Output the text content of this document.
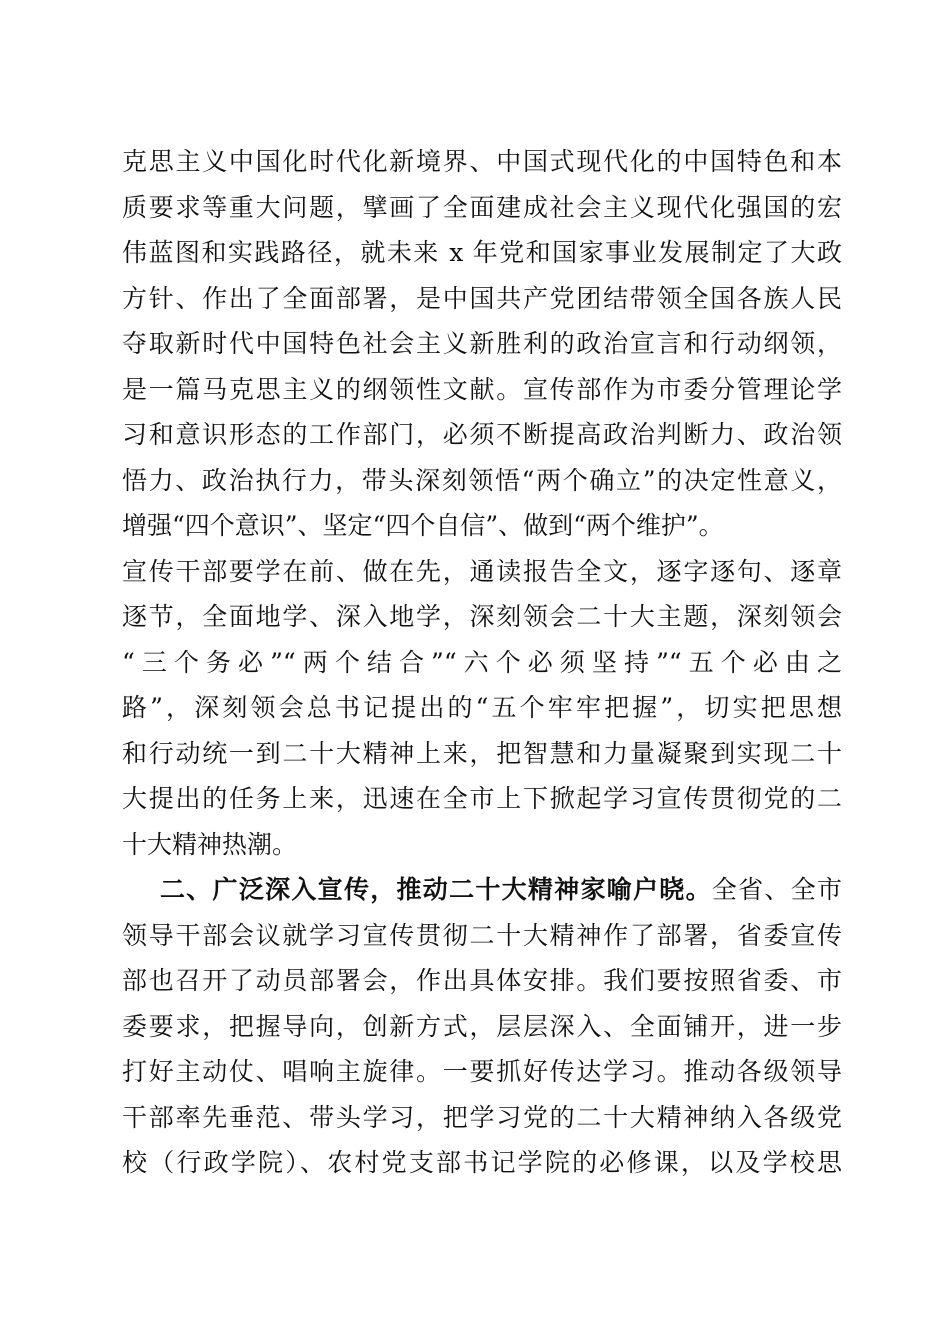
克思主义中国化时代化新境界、中国式现代化的中国特色和本
质要求等重大问题，擘画了全面建成社会主义现代化强国的宏
伟蓝图和实践路径，就未来 x 年党和国家事业发展制定了大政
方针、作出了全面部署，是中国共产党团结带领全国各族人民
夺取新时代中国特色社会主义新胜利的政治宣言和行动纲领，
是一篇马克思主义的纲领性文献。宣传部作为市委分管理论学
习和意识形态的工作部门，必须不断提高政治判断力、政治领
悟力、政治执行力，带头深刻领悟“两个确立”的决定性意义，
增强“四个意识”、坚定“四个自信”、做到“两个维护”。
宣传干部要学在前、做在先，通读报告全文，逐字逐句、逐章
逐节，全面地学、深入地学，深刻领会二十大主题，深刻领会
“三个务必”“两个结合”“六个必须坚持”“五个必由之
路”，深刻领会总书记提出的“五个牢牢把握”，切实把思想
和行动统一到二十大精神上来，把智慧和力量凝聚到实现二十
大提出的任务上来，迅速在全市上下掀起学习宣传贯彻党的二
十大精神热潮。
二、广泛深入宣传，推动二十大精神家喻户晓。全省、全市
领导干部会议就学习宣传贯彻二十大精神作了部署，省委宣传
部也召开了动员部署会，作出具体安排。我们要按照省委、市
委要求，把握导向，创新方式，层层深入、全面铺开，进一步
打好主动仗、唱响主旋律。一要抓好传达学习。推动各级领导
干部率先垂范、带头学习，把学习党的二十大精神纳入各级党
校（行政学院）、农村党支部书记学院的必修课，以及学校思
